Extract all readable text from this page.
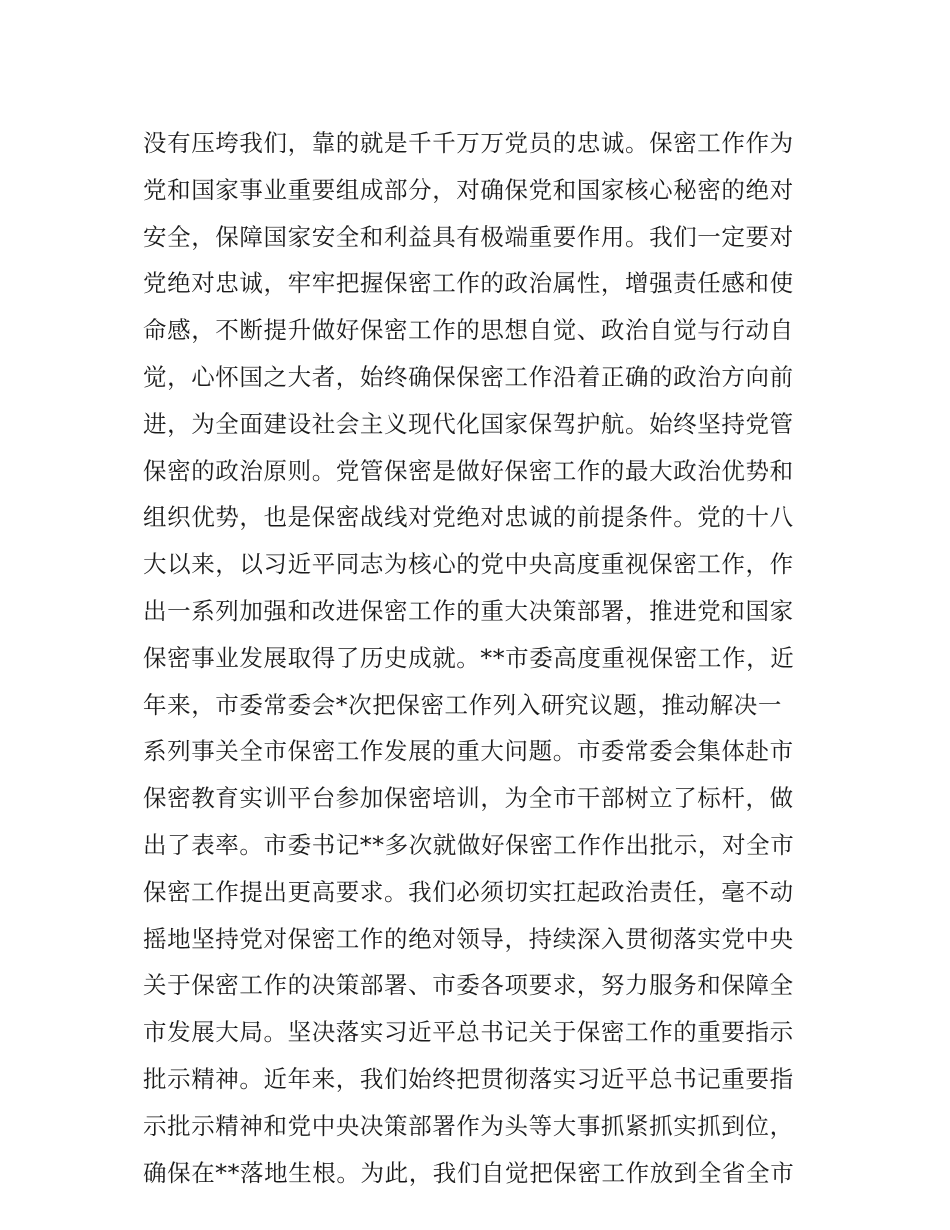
没有压垮我们，靠的就是千千万万党员的忠诚。保密工作作为
党和国家事业重要组成部分，对确保党和国家核心秘密的绝对
安全，保障国家安全和利益具有极端重要作用。我们一定要对
党绝对忠诚，牢牢把握保密工作的政治属性，增强责任感和使
命感，不断提升做好保密工作的思想自觉、政治自觉与行动自
觉，心怀国之大者，始终确保保密工作沿着正确的政治方向前
进，为全面建设社会主义现代化国家保驾护航。始终坚持党管
保密的政治原则。党管保密是做好保密工作的最大政治优势和
组织优势，也是保密战线对党绝对忠诚的前提条件。党的十八
大以来，以习近平同志为核心的党中央高度重视保密工作，作
出一系列加强和改进保密工作的重大决策部署，推进党和国家
保密事业发展取得了历史成就。**市委高度重视保密工作，近
年来，市委常委会*次把保密工作列入研究议题，推动解决一
系列事关全市保密工作发展的重大问题。市委常委会集体赴市
保密教育实训平台参加保密培训，为全市干部树立了标杆，做
出了表率。市委书记**多次就做好保密工作作出批示，对全市
保密工作提出更高要求。我们必须切实扛起政治责任，毫不动
摇地坚持党对保密工作的绝对领导，持续深入贯彻落实党中央
关于保密工作的决策部署、市委各项要求，努力服务和保障全
市发展大局。坚决落实习近平总书记关于保密工作的重要指示
批示精神。近年来，我们始终把贯彻落实习近平总书记重要指
示批示精神和党中央决策部署作为头等大事抓紧抓实抓到位，
确保在**落地生根。为此，我们自觉把保密工作放到全省全市
